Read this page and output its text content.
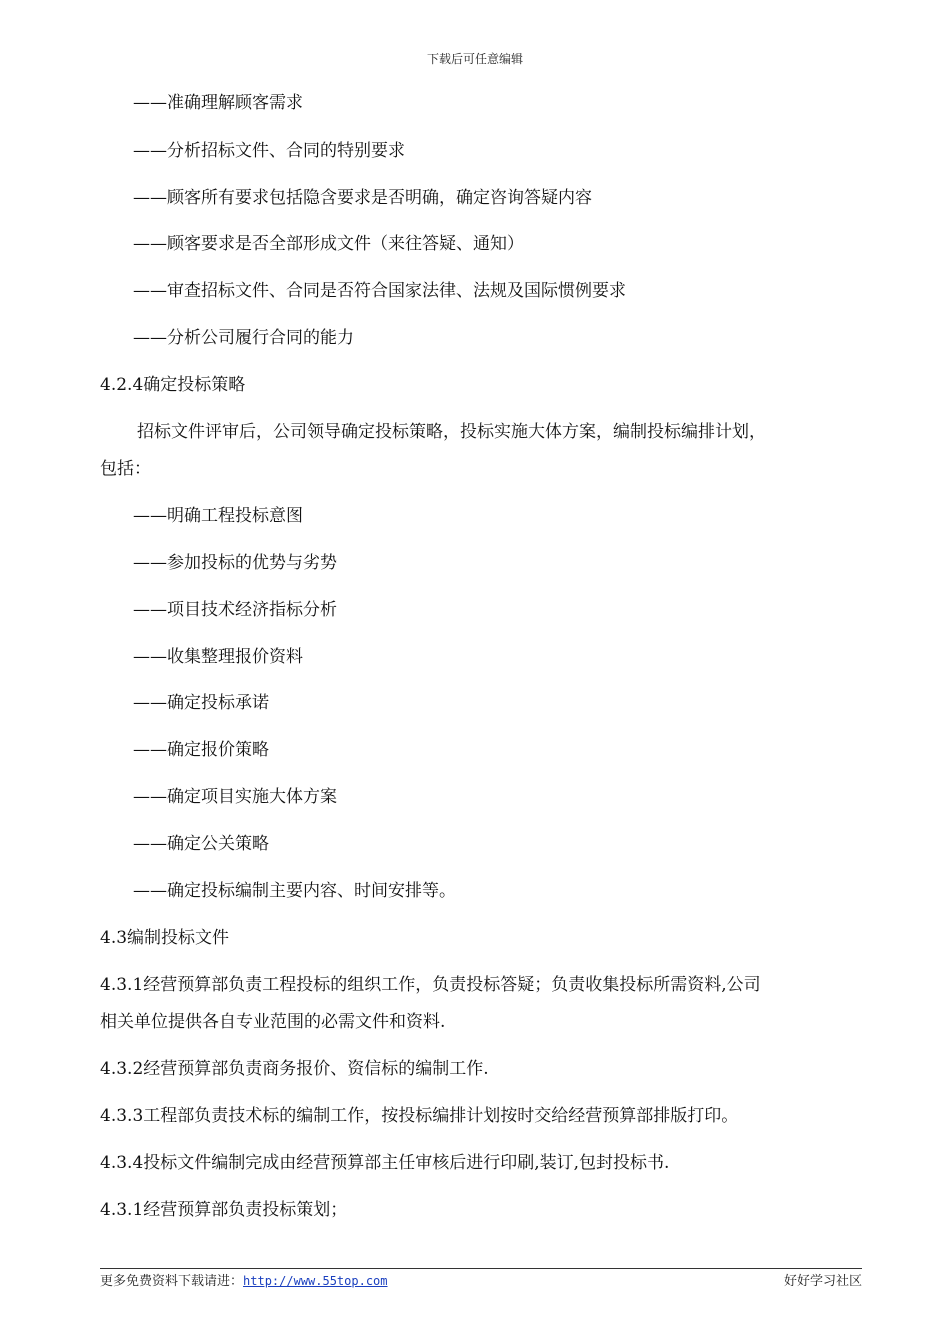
下载后可任意编辑
——准确理解顾客需求
——分析招标文件、合同的特别要求
——顾客所有要求包括隐含要求是否明确，确定咨询答疑内容
——顾客要求是否全部形成文件（来往答疑、通知）
——审查招标文件、合同是否符合国家法律、法规及国际惯例要求
——分析公司履行合同的能力
4.2.4确定投标策略
招标文件评审后，公司领导确定投标策略，投标实施大体方案，编制投标编排计划，
包括：
——明确工程投标意图
——参加投标的优势与劣势
——项目技术经济指标分析
——收集整理报价资料
——确定投标承诺
——确定报价策略
——确定项目实施大体方案
——确定公关策略
——确定投标编制主要内容、时间安排等。
4.3编制投标文件
4.3.1经营预算部负责工程投标的组织工作，负责投标答疑；负责收集投标所需资料,公司
相关单位提供各自专业范围的必需文件和资料.
4.3.2经营预算部负责商务报价、资信标的编制工作.
4.3.3工程部负责技术标的编制工作，按投标编排计划按时交给经营预算部排版打印。
4.3.4投标文件编制完成由经营预算部主任审核后进行印刷,装订,包封投标书.
4.3.1经营预算部负责投标策划；
更多免费资料下载请进：http://www.55top.com	好好学习社区
